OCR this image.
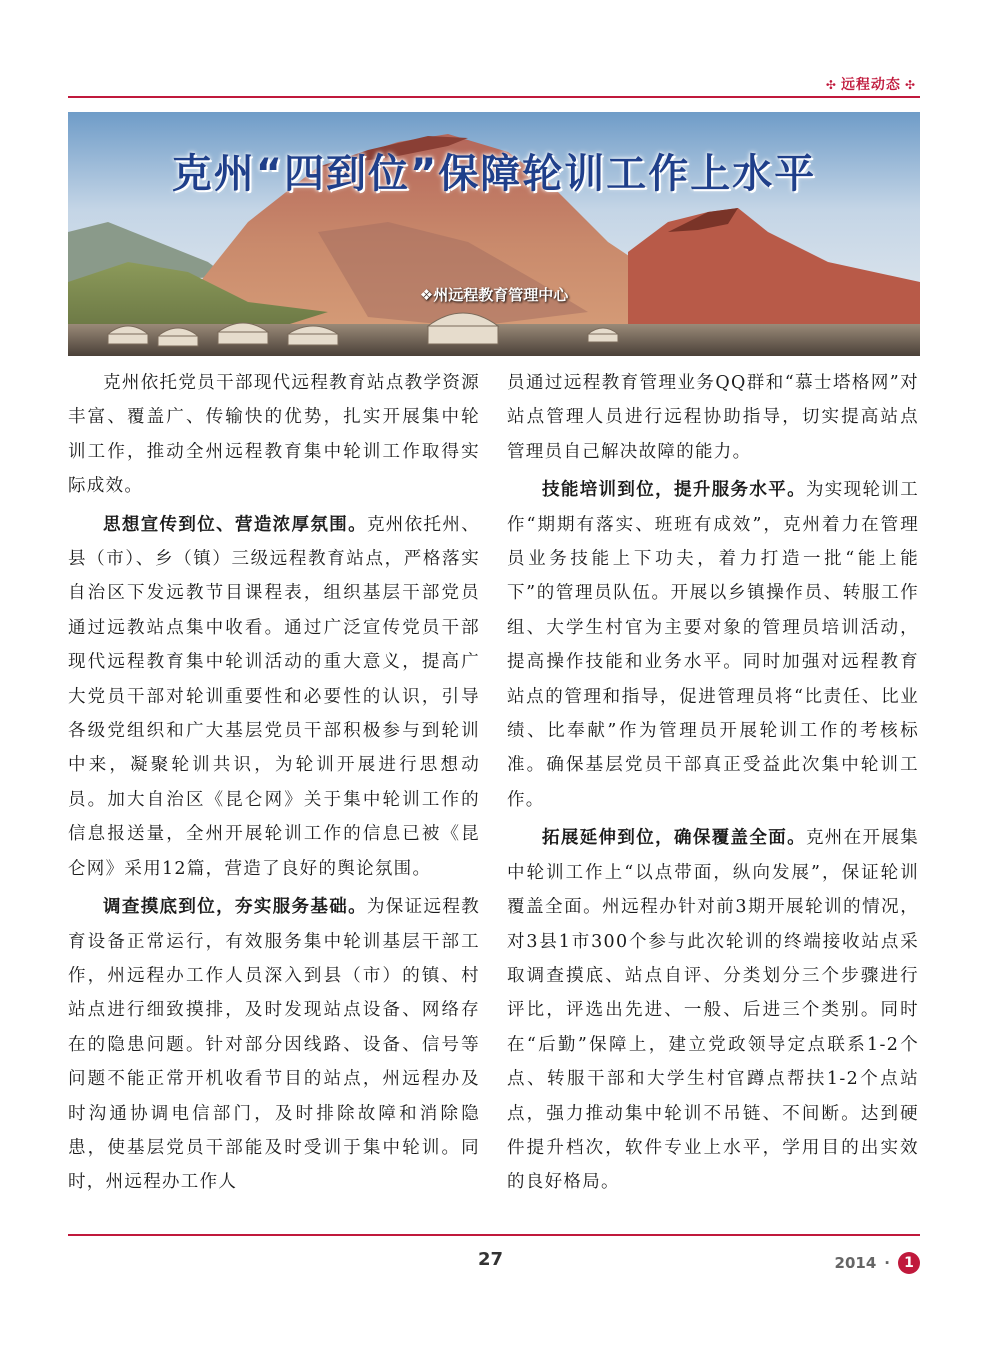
✣ 远程动态 ✣
克州“四到位”保障轮训工作上水平
❖州远程教育管理中心

克州依托党员干部现代远程教育站点教学资源丰富、覆盖广、传输快的优势，扎实开展集中轮训工作，推动全州远程教育集中轮训工作取得实际成效。

思想宣传到位、营造浓厚氛围。克州依托州、县（市）、乡（镇）三级远程教育站点，严格落实自治区下发远教节目课程表，组织基层干部党员通过远教站点集中收看。通过广泛宣传党员干部现代远程教育集中轮训活动的重大意义，提高广大党员干部对轮训重要性和必要性的认识，引导各级党组织和广大基层党员干部积极参与到轮训中来，凝聚轮训共识，为轮训开展进行思想动员。加大自治区《昆仑网》关于集中轮训工作的信息报送量，全州开展轮训工作的信息已被《昆仑网》采用12篇，营造了良好的舆论氛围。

调查摸底到位，夯实服务基础。为保证远程教育设备正常运行，有效服务集中轮训基层干部工作，州远程办工作人员深入到县（市）的镇、村站点进行细致摸排，及时发现站点设备、网络存在的隐患问题。针对部分因线路、设备、信号等问题不能正常开机收看节目的站点，州远程办及时沟通协调电信部门，及时排除故障和消除隐患，使基层党员干部能及时受训于集中轮训。同时，州远程办工作人

员通过远程教育管理业务QQ群和“慕士塔格网”对站点管理人员进行远程协助指导，切实提高站点管理员自己解决故障的能力。

技能培训到位，提升服务水平。为实现轮训工作“期期有落实、班班有成效”，克州着力在管理员业务技能上下功夫，着力打造一批“能上能下”的管理员队伍。开展以乡镇操作员、转服工作组、大学生村官为主要对象的管理员培训活动，提高操作技能和业务水平。同时加强对远程教育站点的管理和指导，促进管理员将“比责任、比业绩、比奉献”作为管理员开展轮训工作的考核标准。确保基层党员干部真正受益此次集中轮训工作。

拓展延伸到位，确保覆盖全面。克州在开展集中轮训工作上“以点带面，纵向发展”，保证轮训覆盖全面。州远程办针对前3期开展轮训的情况，对3县1市300个参与此次轮训的终端接收站点采取调查摸底、站点自评、分类划分三个步骤进行评比，评选出先进、一般、后进三个类别。同时在“后勤”保障上，建立党政领导定点联系1-2个点、转服干部和大学生村官蹲点帮扶1-2个点站点，强力推动集中轮训不吊链、不间断。达到硬件提升档次，软件专业上水平，学用目的出实效的良好格局。

27	2014 ·	1
